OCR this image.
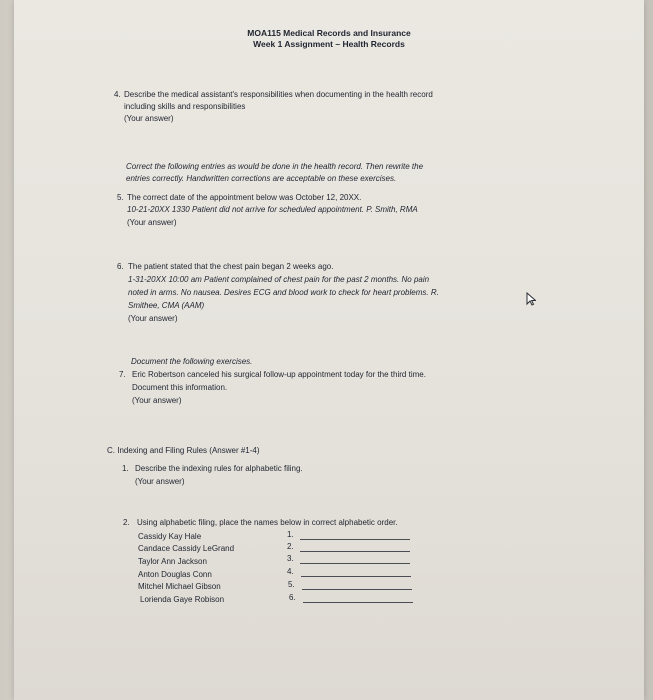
MOA115 Medical Records and Insurance
Week 1 Assignment – Health Records
4. Describe the medical assistant's responsibilities when documenting in the health record
including skills and responsibilities
(Your answer)
Correct the following entries as would be done in the health record. Then rewrite the
entries correctly. Handwritten corrections are acceptable on these exercises.
5. The correct date of the appointment below was October 12, 20XX.
10-21-20XX 1330 Patient did not arrive for scheduled appointment. P. Smith, RMA
(Your answer)
6. The patient stated that the chest pain began 2 weeks ago.
1-31-20XX 10:00 am Patient complained of chest pain for the past 2 months. No pain
noted in arms. No nausea. Desires ECG and blood work to check for heart problems. R.
Smithee, CMA (AAM)
(Your answer)
Document the following exercises.
7. Eric Robertson canceled his surgical follow-up appointment today for the third time.
Document this information.
(Your answer)
C. Indexing and Filing Rules (Answer #1-4)
1. Describe the indexing rules for alphabetic filing.
(Your answer)
2. Using alphabetic filing, place the names below in correct alphabetic order.
Cassidy Kay Hale
Candace Cassidy LeGrand
Taylor Ann Jackson
Anton Douglas Conn
Mitchel Michael Gibson
Lorienda Gaye Robison
1.
2.
3.
4.
5.
6.
